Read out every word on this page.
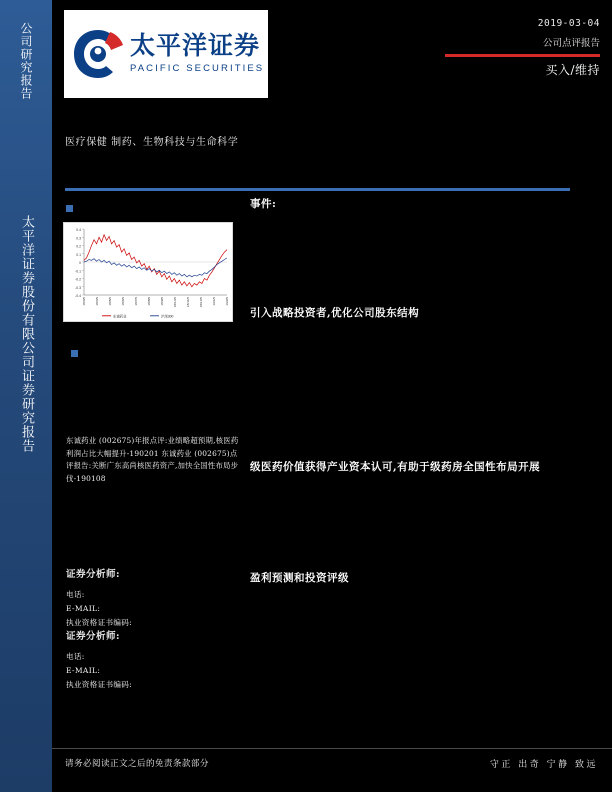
公司研究报告
太平洋证券股份有限公司证券研究报告
太平洋证券
PACIFIC SECURITIES
2019-03-04
公司点评报告
买入/维持
医疗保健 制药、生物科技与生命科学
事件:
引入战略投资者,优化公司股东结构
级医药价值获得产业资本认可,有助于级药房全国性布局开展
盈利预测和投资评级
0.4
0.3
0.2
0.1
0
-0.1
-0.2
-0.3
-0.4
18/3/5	18/4/5	18/5/5	18/6/5	18/7/5	18/8/5	18/9/5	18/10/5	18/11/5	18/12/5	19/1/5	19/2/5
东诚药业	沪深300
东诚药业 (002675)年报点评:业绩略超预期,核医药利润占比大幅提升-190201 东诚药业 (002675)点评报告:关断广东高尚核医药资产,加快全国性布局步伐-190108
证券分析师:
电话:
E-MAIL:
执业资格证书编码:
证券分析师:
电话:
E-MAIL:
执业资格证书编码:
请务必阅读正文之后的免责条款部分	守正 出奇 宁静 致远
